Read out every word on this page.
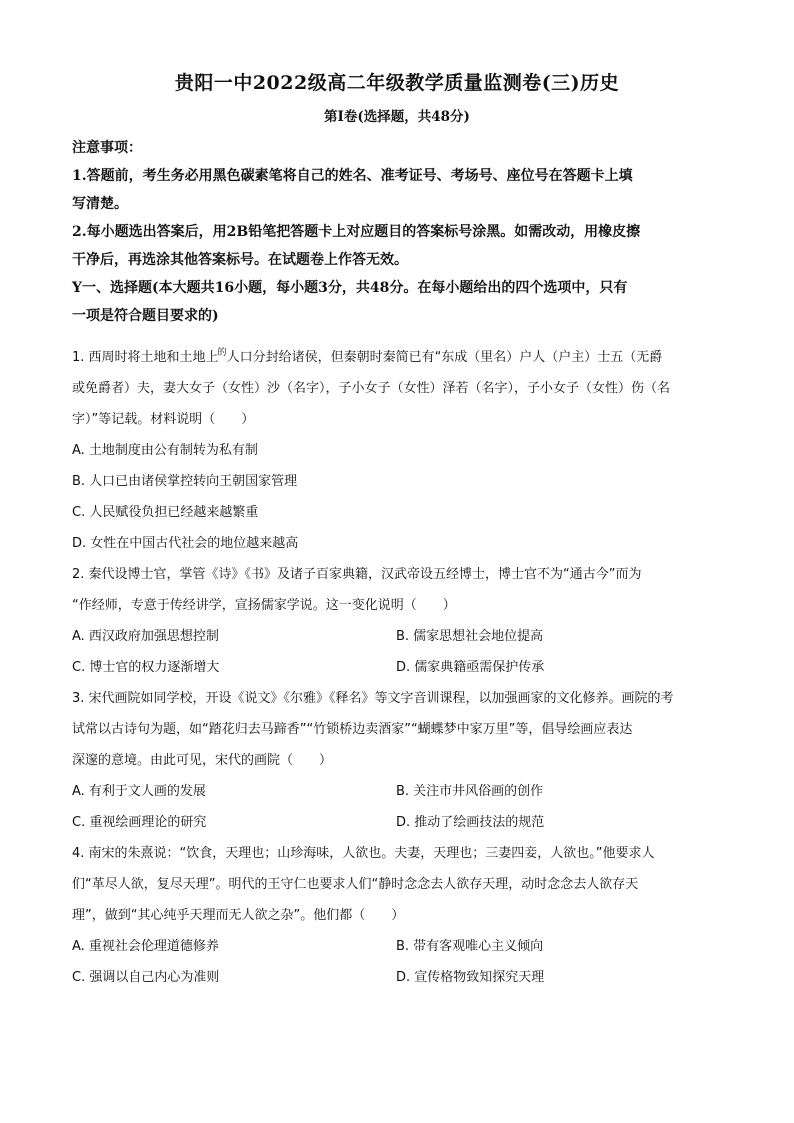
贵阳一中2022级高二年级教学质量监测卷(三)历史
第Ⅰ卷(选择题，共48分)
注意事项：
1.答题前，考生务必用黑色碳素笔将自己的姓名、准考证号、考场号、座位号在答题卡上填
写清楚。
2.每小题选出答案后，用2B铅笔把答题卡上对应题目的答案标号涂黑。如需改动，用橡皮擦
干净后，再选涂其他答案标号。在试题卷上作答无效。
Y一、选择题(本大题共16小题，每小题3分，共48分。在每小题给出的四个选项中，只有
一项是符合题目要求的)
1. 西周时将土地和土地上$^的$人口分封给诸侯，但秦朝时秦简已有“东成（里名）户人（户主）士五（无爵
或免爵者）夫，妻大女子（女性）沙（名字），子小女子（女性）泽若（名字），子小女子（女性）伤（名
字）”等记载。材料说明（　　）
A. 土地制度由公有制转为私有制
B. 人口已由诸侯掌控转向王朝国家管理
C. 人民赋役负担已经越来越繁重
D. 女性在中国古代社会的地位越来越高
2. 秦代设博士官，掌管《诗》《书》及诸子百家典籍，汉武帝设五经博士，博士官不为“通古今”而为
“作经师，专意于传经讲学，宣扬儒家学说。这一变化说明（　　）
A. 西汉政府加强思想控制	B. 儒家思想社会地位提高
C. 博士官的权力逐渐增大	D. 儒家典籍亟需保护传承
3. 宋代画院如同学校，开设《说文》《尔雅》《释名》等文字音训课程，以加强画家的文化修养。画院的考
试常以古诗句为题，如“踏花归去马蹄香”“竹锁桥边卖酒家”“蝴蝶梦中家万里”等，倡导绘画应表达
深邃的意境。由此可见，宋代的画院（　　）
A. 有利于文人画的发展	B. 关注市井风俗画的创作
C. 重视绘画理论的研究	D. 推动了绘画技法的规范
4. 南宋的朱熹说：“饮食，天理也；山珍海味，人欲也。夫妻，天理也；三妻四妾，人欲也。”他要求人
们“革尽人欲，复尽天理”。明代的王守仁也要求人们“静时念念去人欲存天理，动时念念去人欲存天
理”，做到“其心纯乎天理而无人欲之杂”。他们都（　　）
A. 重视社会伦理道德修养	B. 带有客观唯心主义倾向
C. 强调以自己内心为准则	D. 宣传格物致知探究天理
